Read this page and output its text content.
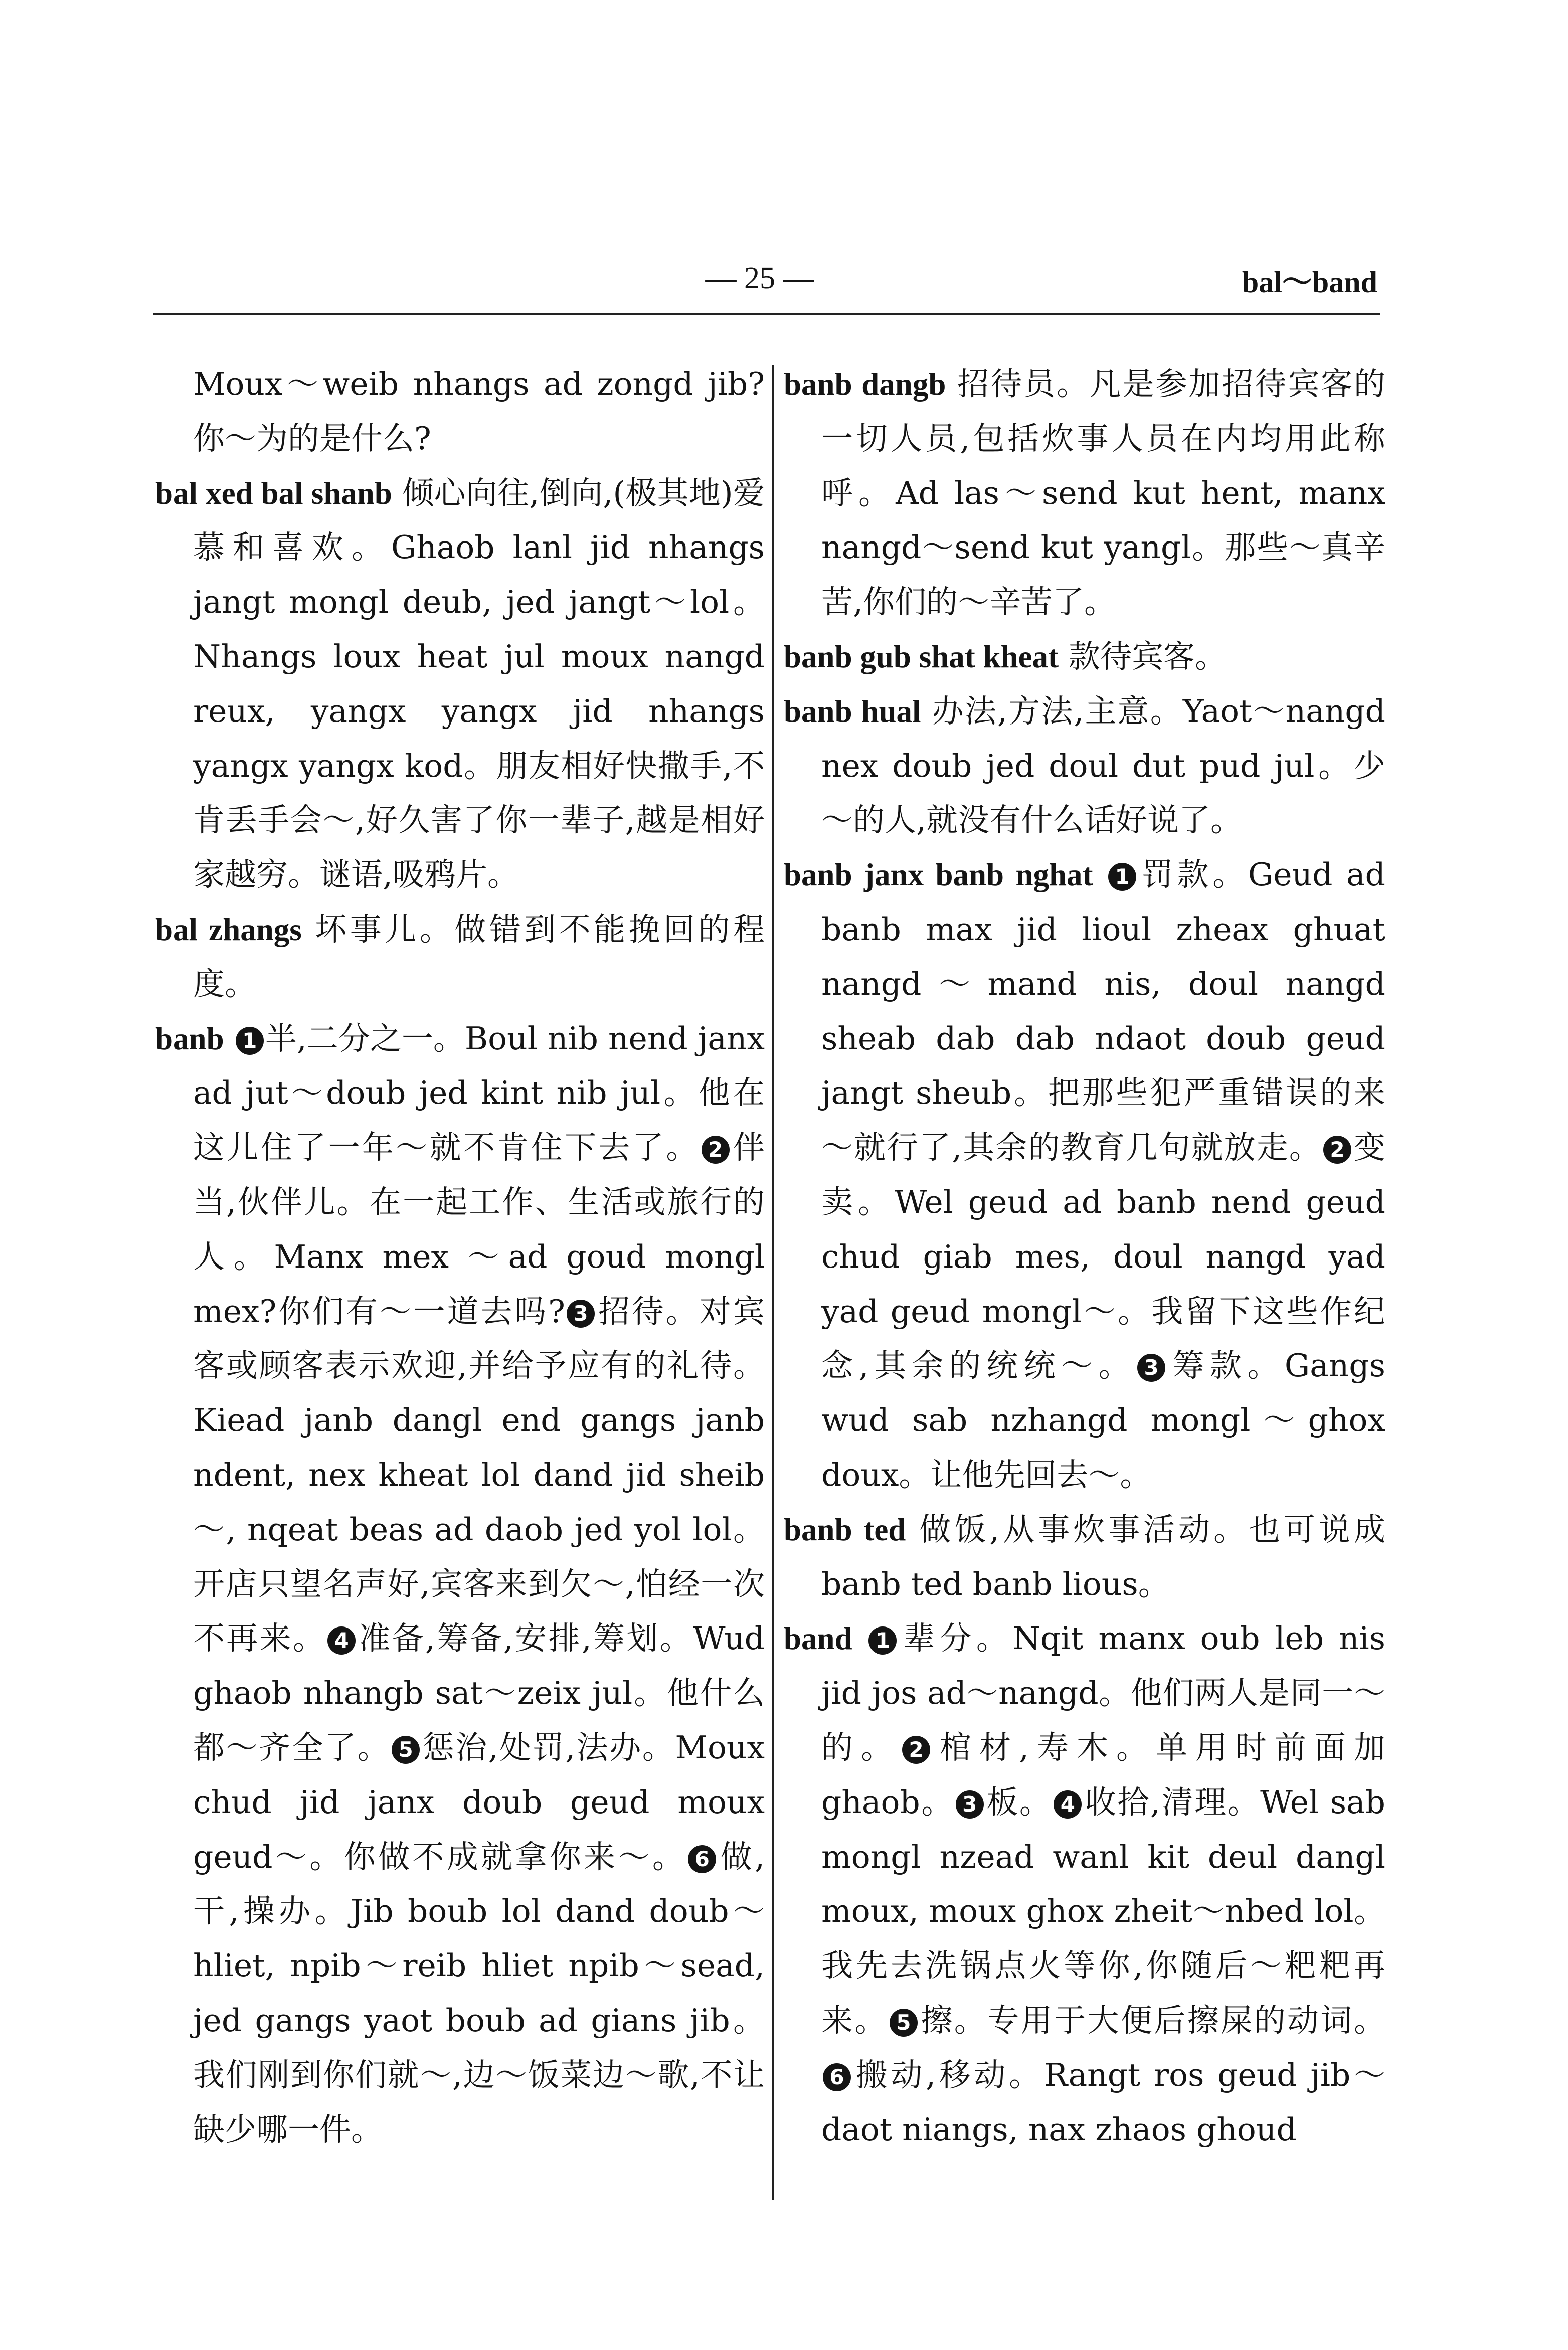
— 25 —	bal～band

Moux～weib nhangs ad zongd jib?你～为的是什么?

bal xed bal shanb 倾心向往,倒向,(极其地)爱慕和喜欢。Ghaob lanl jid nhangs jangt mongl deub, jed jangt～lol。Nhangs loux heat jul moux nangd reux, yangx yangx jid nhangs yangx yangx kod。朋友相好快撒手,不肯丢手会～,好久害了你一辈子,越是相好家越穷。谜语,吸鸦片。

bal zhangs 坏事儿。做错到不能挽回的程度。

banb 1 半,二分之一。Boul nib nend janx ad jut～doub jed kint nib jul。他在这儿住了一年～就不肯住下去了。 2 伴当,伙伴儿。在一起工作、生活或旅行的人。Manx mex ～ad goud mongl mex?你们有～一道去吗? 3 招待。对宾客或顾客表示欢迎,并给予应有的礼待。Kiead janb dangl end gangs janb ndent, nex kheat lol dand jid sheib～, nqeat beas ad daob jed yol lol。开店只望名声好,宾客来到欠～,怕经一次不再来。 4 准备,筹备,安排,筹划。Wud ghaob nhangb sat～zeix jul。他什么都～齐全了。 5 惩治,处罚,法办。Moux chud jid janx doub geud moux geud～。你做不成就拿你来～。 6 做,干,操办。Jib boub lol dand doub～hliet, npib～reib hliet npib～sead, jed gangs yaot boub ad gians jib。我们刚到你们就～,边～饭菜边～歌,不让缺少哪一件。

banb dangb 招待员。凡是参加招待宾客的一切人员,包括炊事人员在内均用此称呼。Ad las～send kut hent, manx nangd～send kut yangl。那些～真辛苦,你们的～辛苦了。

banb gub shat kheat 款待宾客。

banb hual 办法,方法,主意。Yaot～nangd nex doub jed doul dut pud jul。少～的人,就没有什么话好说了。

banb janx banb nghat 1 罚款。Geud ad banb max jid lioul zheax ghuat nangd～mand nis, doul nangd sheab dab dab ndaot doub geud jangt sheub。把那些犯严重错误的来～就行了,其余的教育几句就放走。 2 变卖。Wel geud ad banb nend geud chud giab mes, doul nangd yad yad geud mongl～。我留下这些作纪念,其余的统统～。 3 筹款。Gangs wud sab nzhangd mongl～ghox doux。让他先回去～。

banb ted 做饭,从事炊事活动。也可说成 banb ted banb lious。

band 1 辈分。Nqit manx oub leb nis jid jos ad～nangd。他们两人是同一～的。 2 棺材,寿木。单用时前面加 ghaob。 3 板。 4 收拾,清理。Wel sab mongl nzead wanl kit deul dangl moux, moux ghox zheit～nbed lol。我先去洗锅点火等你,你随后～粑粑再来。 5 擦。专用于大便后擦屎的动词。6 搬动,移动。Rangt ros geud jib～daot niangs, nax zhaos ghoud
